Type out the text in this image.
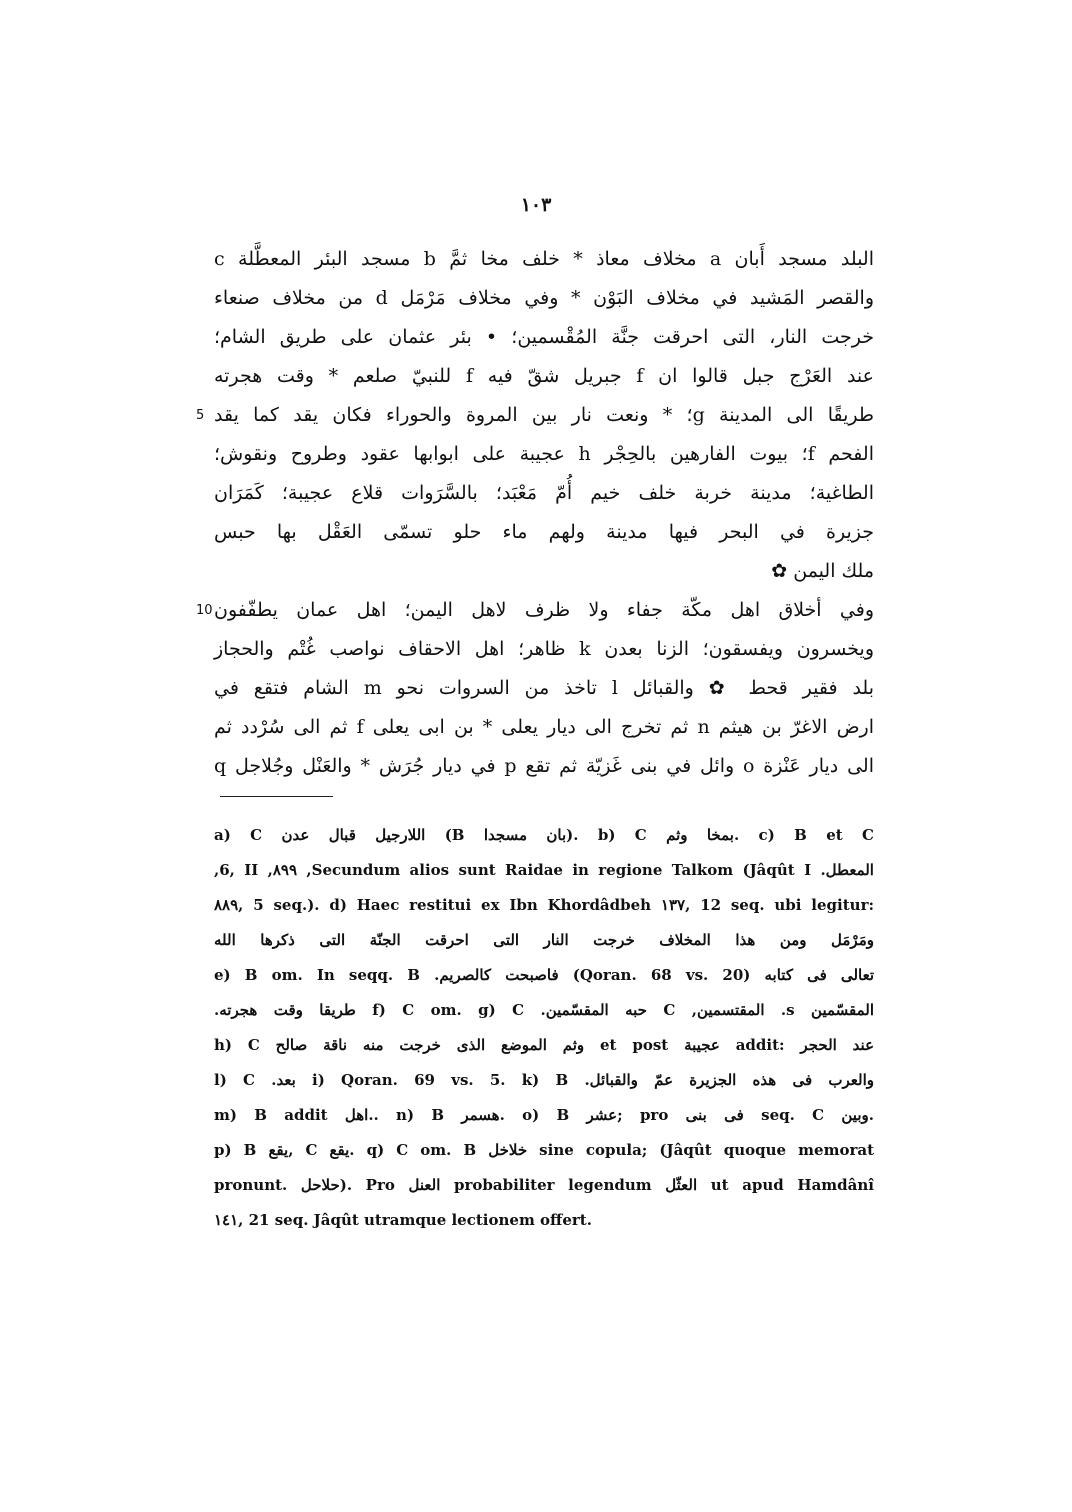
١٠٣
البلد مسجد أَبان a مخلاف معاذ * خلف مخا ثمَّ b مسجد البئر المعطَّلة c
والقصر المَشيد في مخلاف البَوْن * وفي مخلاف مَرْمَل d من مخلاف صنعاء
خرجت النار، التى احرقت جنَّة المُقْسمين؛ • بئر عثمان على طريق الشام؛
عند العَرْج جبل قالوا ان f جبريل شقّ فيه f للنبيّ صلعم * وقت هجرته
5 طريقًا الى المدينة g؛ * ونعت نار بين المروة والحوراء فكان يقد كما يقد
الفحم f؛ بيوت الفارهين بالحِجْر h عجيبة على ابوابها عقود وطروح ونقوش؛
الطاغية؛ مدينة خربة خلف خيم أُمّ مَعْبَد؛ بالسَّرَوات قلاع عجيبة؛ كَمَرَان
جزيرة في البحر فيها مدينة ولهم ماء حلو تسمّى العَقْل بها حبس
ملك اليمن ✿
10 وفي أخلاق اهل مكّة جفاء ولا ظرف لاهل اليمن؛ اهل عمان يطفّفون
ويخسرون ويفسقون؛ الزنا بعدن k ظاهر؛ اهل الاحقاف نواصب غُتْم والحجاز
بلد فقير قحط ✿ والقبائل l تاخذ من السروات نحو m الشام فتقع في
ارض الاغرّ بن هيثم n ثم تخرج الى ديار يعلى * بن ابى يعلى f ثم الى سُرْدد ثم
الى ديار عَنْزة o وائل في بنى غَزيّة ثم تقع p في ديار جُرَش * والعَنْل وجُلاجل q
a) C اللارجيل قبال عدن (B بان مسجدا). b) C بمخا وثم. c) B et C
المعطل. Secundum alios sunt Raidae in regione Talkom (Jâqût I, ٨٩٩, 6, II,
٨٨٩, 5 seq.). d) Haec restitui ex Ibn Khordâdbeh ١٣٧, 12 seq. ubi legitur:
ومَرْمَل ومن هذا المخلاف خرجت النار التى احرقت الجنّة التى ذكرها الله
تعالى فى كتابه (Qoran. 68 vs. 20) فاصبحت كالصريم. e) B om. In seqq. B
المقسّمين s. المقتسمين, C حبه المقسّمين. f) C om. g) C طريقا وقت هجرته.
h) C وثم الموضع الذى خرجت منه ناقة صالح et post عجيبة addit: عند الحجر
والعرب فى هذه الجزيرة عمّ والقبائل. i) Qoran. 69 vs. 5. k) B بعد. l) C
m) B addit اهل.. n) B هسمر. o) B عشر; pro فى بنى seq. C وبين.
p) B يقع, C يقع. q) C om. B خلاخل sine copula; (Jâqût quoque memorat
pronunt. حلاحل). Pro العنل probabiliter legendum العثّل ut apud Hamdânî
١٤١, 21 seq. Jâqût utramque lectionem offert.
